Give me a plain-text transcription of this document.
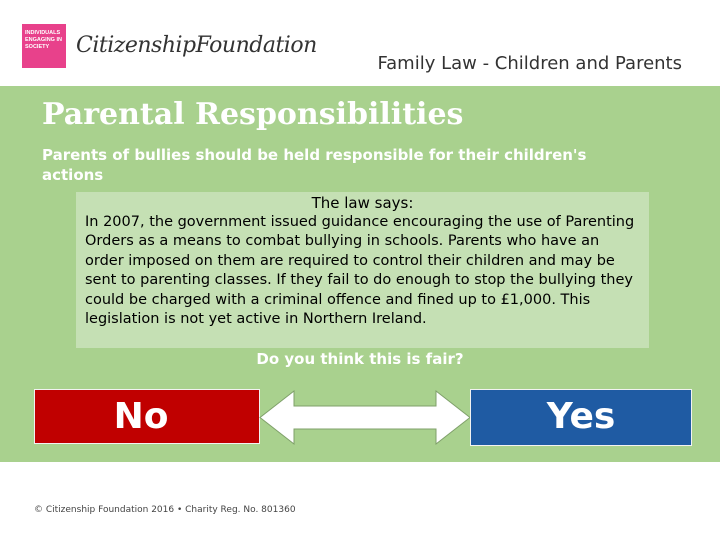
INDIVIDUALS ENGAGING IN SOCIETY	CitizenshipFoundation
Family Law - Children and Parents
Parental Responsibilities
Parents of bullies should be held responsible for their children's actions
The law says:
In 2007, the government issued guidance encouraging the use of Parenting Orders as a means to combat bullying in schools. Parents who have an order imposed on them are required to control their children and may be sent to parenting classes. If they fail to do enough to stop the bullying they could be charged with a criminal offence and fined up to £1,000. This legislation is not yet active in Northern Ireland.
Do you think this is fair?
No	Yes
© Citizenship Foundation 2016 • Charity Reg. No. 801360
